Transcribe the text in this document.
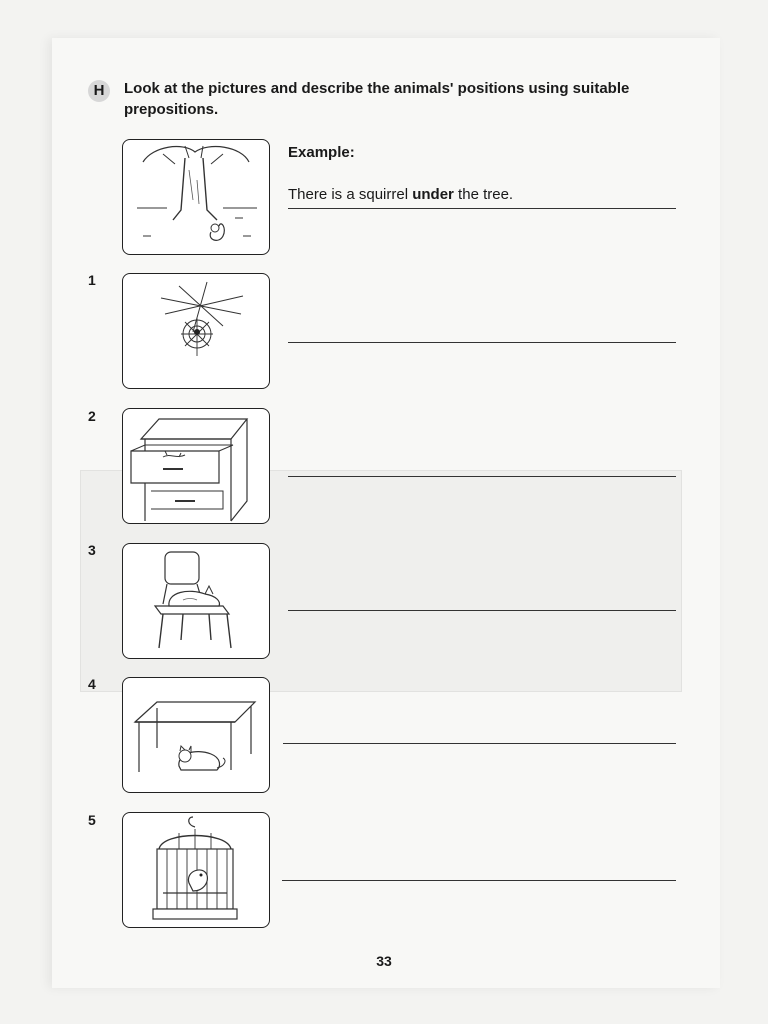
H	Look at the pictures and describe the animals' positions using suitable prepositions.
Example:
There is a squirrel under the tree.
1
2
3
4
5
33
